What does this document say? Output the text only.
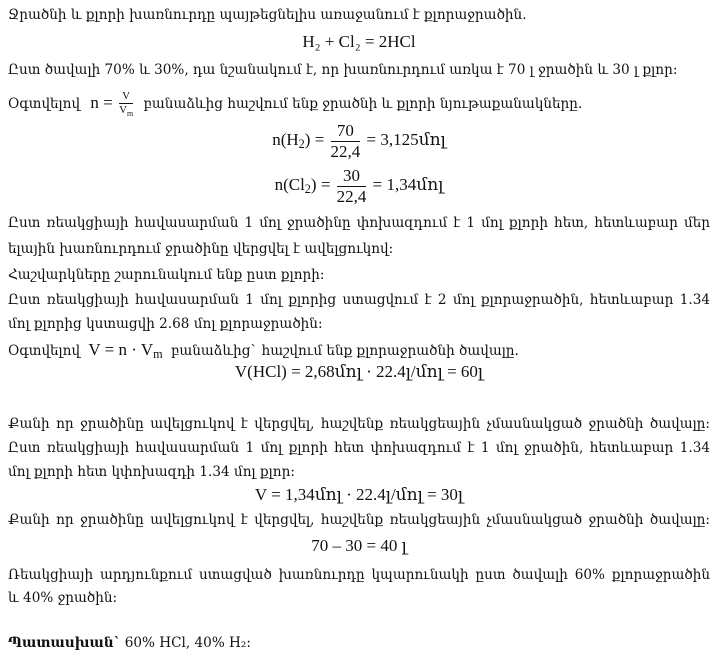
Ջրածնի և քլորի խառնուրդը պայթեցնելիս առաջանում է քլորաջրածին.
H₂ + Cl₂ = 2HCl
Ըստ ծավալի 70% և 30%, դա նշանակում է, որ խառնուրդում առկա է 70 լ ջրածին և 30 լ քլոր:
Օգտվելով $n = \frac{V}{V_m}$ բանաձևից հաշվում ենք ջրածնի և քլորի նյութաքանակները.
$n(H_2) = \frac{70}{22,4}$ = 3,125մոլ
$n(Cl_2) = \frac{30}{22,4}$ = 1,34մոլ
Ըստ ռեակցիայի հավասարման 1 մոլ ջրածինը փոխազդում է 1 մոլ քլորի հետ, հետևաբար մեր
ելային խառնուրդում ջրածինը վերցվել է ավելցուկով:
Հաշվարկները շարունակում ենք ըստ քլորի:
Ըստ ռեակցիայի հավասարման 1 մոլ քլորից ստացվում է 2 մոլ քլորաջրածին, հետևաբար 1.34
մոլ քլորից կստացվի 2.68 մոլ քլորաջրածին:
Օգտվելով $V = n \cdot V_m$ բանաձևից` հաշվում ենք քլորաջրածնի ծավալը.
V(HCl) = 2,68մոլ · 22.4լ/մոլ = 60լ
Քանի որ ջրածինը ավելցուկով է վերցվել, հաշվենք ռեակցեային չմասնակցած ջրածնի ծավալը:
Ըստ ռեակցիայի հավասարման 1 մոլ քլորի հետ փոխազդում է 1 մոլ ջրածին, հետևաբար 1.34
մոլ քլորի հետ կփոխազդի 1.34 մոլ քլոր:
V = 1,34մոլ · 22.4լ/մոլ = 30լ
Քանի որ ջրածինը ավելցուկով է վերցվել, հաշվենք ռեակցեային չմասնակցած ջրածնի ծավալը:
70 – 30 = 40 լ
Ռեակցիայի արդյունքում ստացված խառնուրդը կպարունակի ըստ ծավալի 60% քլորաջրածին
և 40% ջրածին:
Պատասխան` 60% HCl, 40% H₂:
